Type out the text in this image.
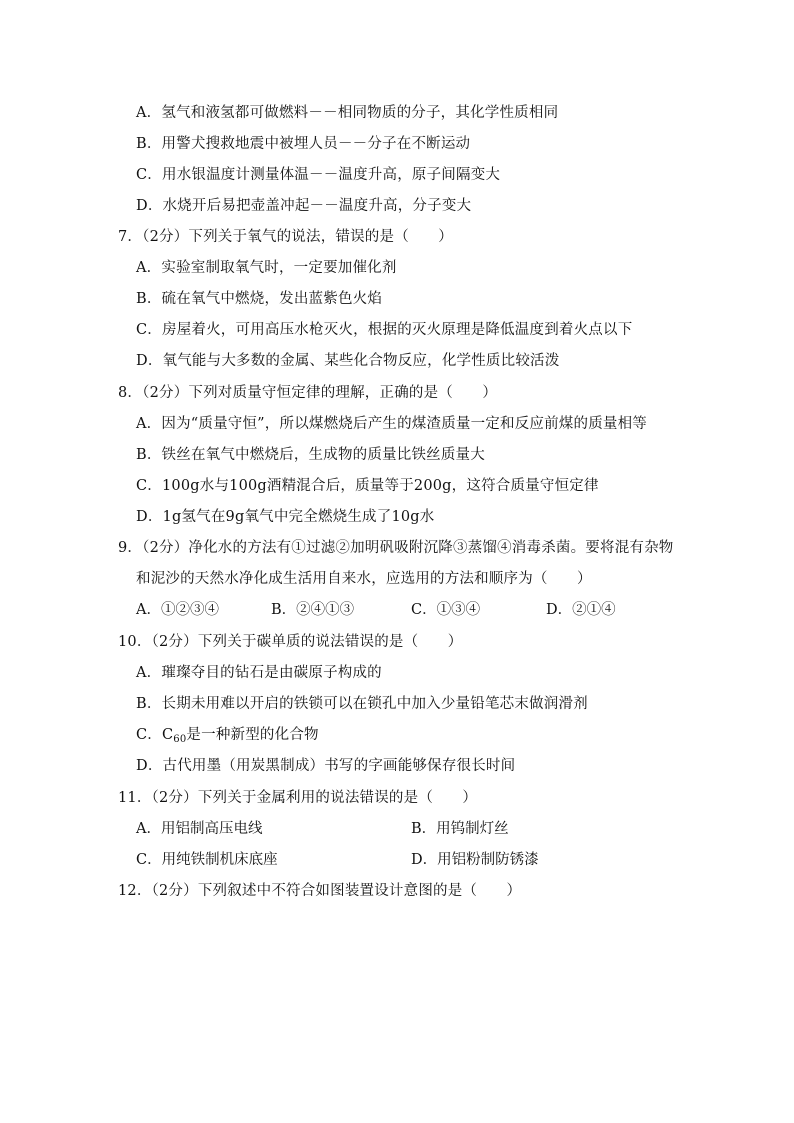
A．氢气和液氢都可做燃料－－相同物质的分子，其化学性质相同
B．用警犬搜救地震中被埋人员－－分子在不断运动
C．用水银温度计测量体温－－温度升高，原子间隔变大
D．水烧开后易把壶盖冲起－－温度升高，分子变大
7．（2分）下列关于氧气的说法，错误的是（　　）
A．实验室制取氧气时，一定要加催化剂
B．硫在氧气中燃烧，发出蓝紫色火焰
C．房屋着火，可用高压水枪灭火，根据的灭火原理是降低温度到着火点以下
D．氧气能与大多数的金属、某些化合物反应，化学性质比较活泼
8．（2分）下列对质量守恒定律的理解，正确的是（　　）
A．因为“质量守恒”，所以煤燃烧后产生的煤渣质量一定和反应前煤的质量相等
B．铁丝在氧气中燃烧后，生成物的质量比铁丝质量大
C．100g水与100g酒精混合后，质量等于200g，这符合质量守恒定律
D．1g氢气在9g氧气中完全燃烧生成了10g水
9．（2分）净化水的方法有①过滤②加明矾吸附沉降③蒸馏④消毒杀菌。要将混有杂物
和泥沙的天然水净化成生活用自来水，应选用的方法和顺序为（　　）
A．①②③④	B．②④①③	C．①③④	D．②①④
10．（2分）下列关于碳单质的说法错误的是（　　）
A．璀璨夺目的钻石是由碳原子构成的
B．长期未用难以开启的铁锁可以在锁孔中加入少量铅笔芯末做润滑剂
C．$C_{60}$是一种新型的化合物
D．古代用墨（用炭黑制成）书写的字画能够保存很长时间
11．（2分）下列关于金属利用的说法错误的是（　　）
A．用铝制高压电线	B．用钨制灯丝
C．用纯铁制机床底座	D．用铝粉制防锈漆
12．（2分）下列叙述中不符合如图装置设计意图的是（　　）
